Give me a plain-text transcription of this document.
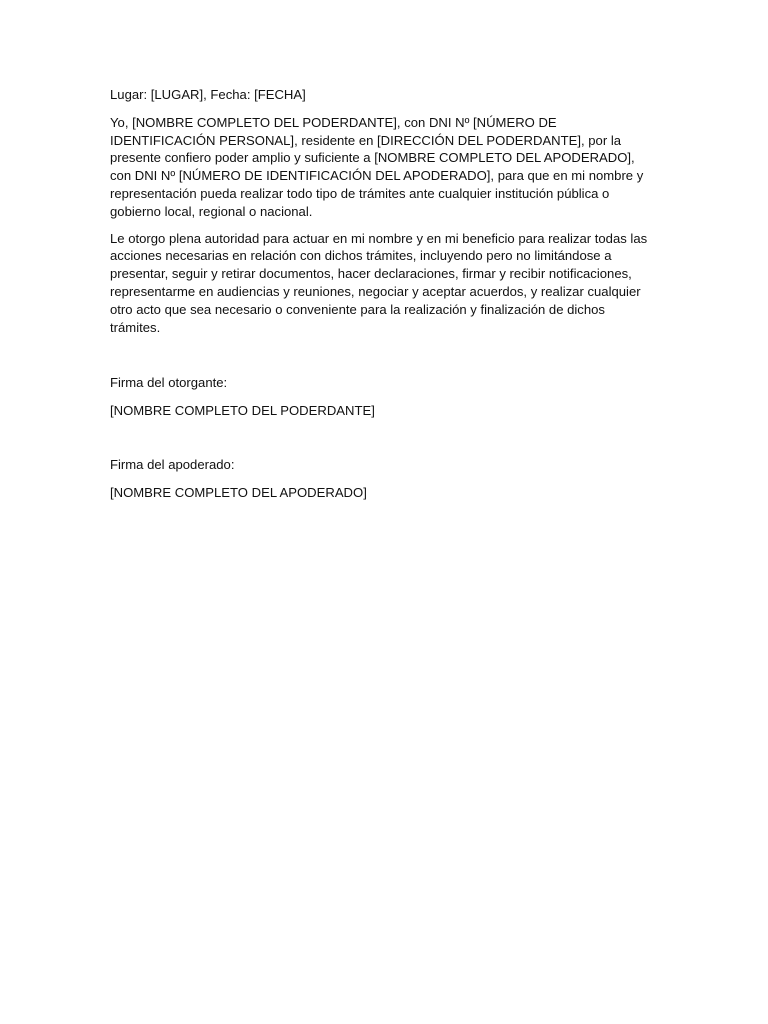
Lugar: [LUGAR], Fecha: [FECHA]

Yo, [NOMBRE COMPLETO DEL PODERDANTE], con DNI Nº [NÚMERO DE IDENTIFICACIÓN PERSONAL], residente en [DIRECCIÓN DEL PODERDANTE], por la presente confiero poder amplio y suficiente a [NOMBRE COMPLETO DEL APODERADO], con DNI Nº [NÚMERO DE IDENTIFICACIÓN DEL APODERADO], para que en mi nombre y representación pueda realizar todo tipo de trámites ante cualquier institución pública o gobierno local, regional o nacional.

Le otorgo plena autoridad para actuar en mi nombre y en mi beneficio para realizar todas las acciones necesarias en relación con dichos trámites, incluyendo pero no limitándose a presentar, seguir y retirar documentos, hacer declaraciones, firmar y recibir notificaciones, representarme en audiencias y reuniones, negociar y aceptar acuerdos, y realizar cualquier otro acto que sea necesario o conveniente para la realización y finalización de dichos trámites.

Firma del otorgante:

[NOMBRE COMPLETO DEL PODERDANTE]

Firma del apoderado:

[NOMBRE COMPLETO DEL APODERADO]
